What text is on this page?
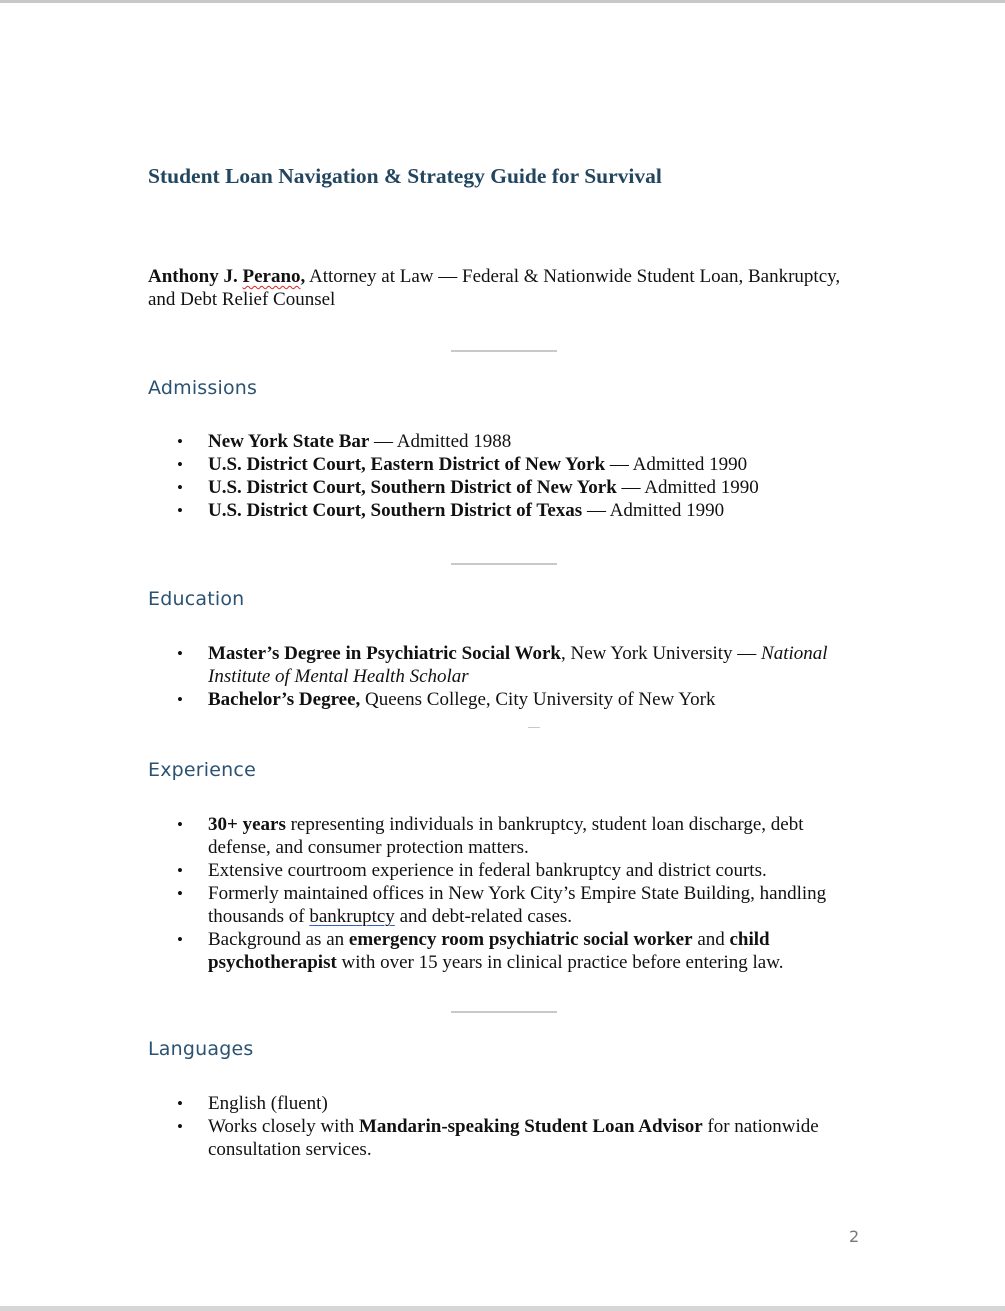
Student Loan Navigation & Strategy Guide for Survival
Anthony J. Perano, Attorney at Law — Federal & Nationwide Student Loan, Bankruptcy, and Debt Relief Counsel
Admissions
• New York State Bar — Admitted 1988
• U.S. District Court, Eastern District of New York — Admitted 1990
• U.S. District Court, Southern District of New York — Admitted 1990
• U.S. District Court, Southern District of Texas — Admitted 1990
Education
• Master’s Degree in Psychiatric Social Work, New York University — National Institute of Mental Health Scholar
• Bachelor’s Degree, Queens College, City University of New York
Experience
• 30+ years representing individuals in bankruptcy, student loan discharge, debt defense, and consumer protection matters.
• Extensive courtroom experience in federal bankruptcy and district courts.
• Formerly maintained offices in New York City’s Empire State Building, handling thousands of bankruptcy and debt-related cases.
• Background as an emergency room psychiatric social worker and child psychotherapist with over 15 years in clinical practice before entering law.
Languages
• English (fluent)
• Works closely with Mandarin-speaking Student Loan Advisor for nationwide consultation services.
2
